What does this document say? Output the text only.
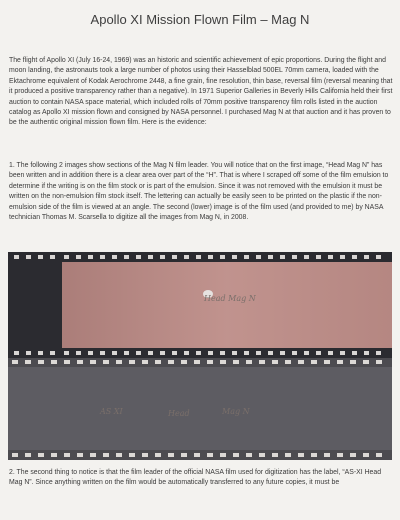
Apollo XI Mission Flown Film – Mag N
The flight of Apollo XI (July 16-24, 1969) was an historic and scientific achievement of epic proportions. During the flight and moon landing, the astronauts took a large number of photos using their Hasselblad 500EL 70mm camera, loaded with the Ektachrome equivalent of Kodak Aerochrome 2448, a fine grain, fine resolution, thin base, reversal film (reversal meaning that it produced a positive transparency rather than a negative). In 1971 Superior Galleries in Beverly Hills California held their first auction to contain NASA space material, which included rolls of 70mm positive transparency film rolls listed in the auction catalog as Apollo XI mission flown and consigned by NASA personnel. I purchased Mag N at that auction and it has proven to be the authentic original mission flown film. Here is the evidence:
1. The following 2 images show sections of the Mag N film leader. You will notice that on the first image, “Head Mag N” has been written and in addition there is a clear area over part of the “H”. That is where I scraped off some of the film emulsion to determine if the writing is on the film stock or is part of the emulsion. Since it was not removed with the emulsion it must be written on the non-emulsion film stock itself. The lettering can actually be easily seen to be printed on the plastic if the non-emulsion side of the film is viewed at an angle. The second (lower) image is of the film used (and provided to me) by NASA technician Thomas M. Scarsella to digitize all the images from Mag N, in 2008.
Head Mag N
AS XI	Head	Mag N
2. The second thing to notice is that the film leader of the official NASA film used for digitization has the label, “AS-XI Head Mag N”. Since anything written on the film would be automatically transferred to any future copies, it must be
